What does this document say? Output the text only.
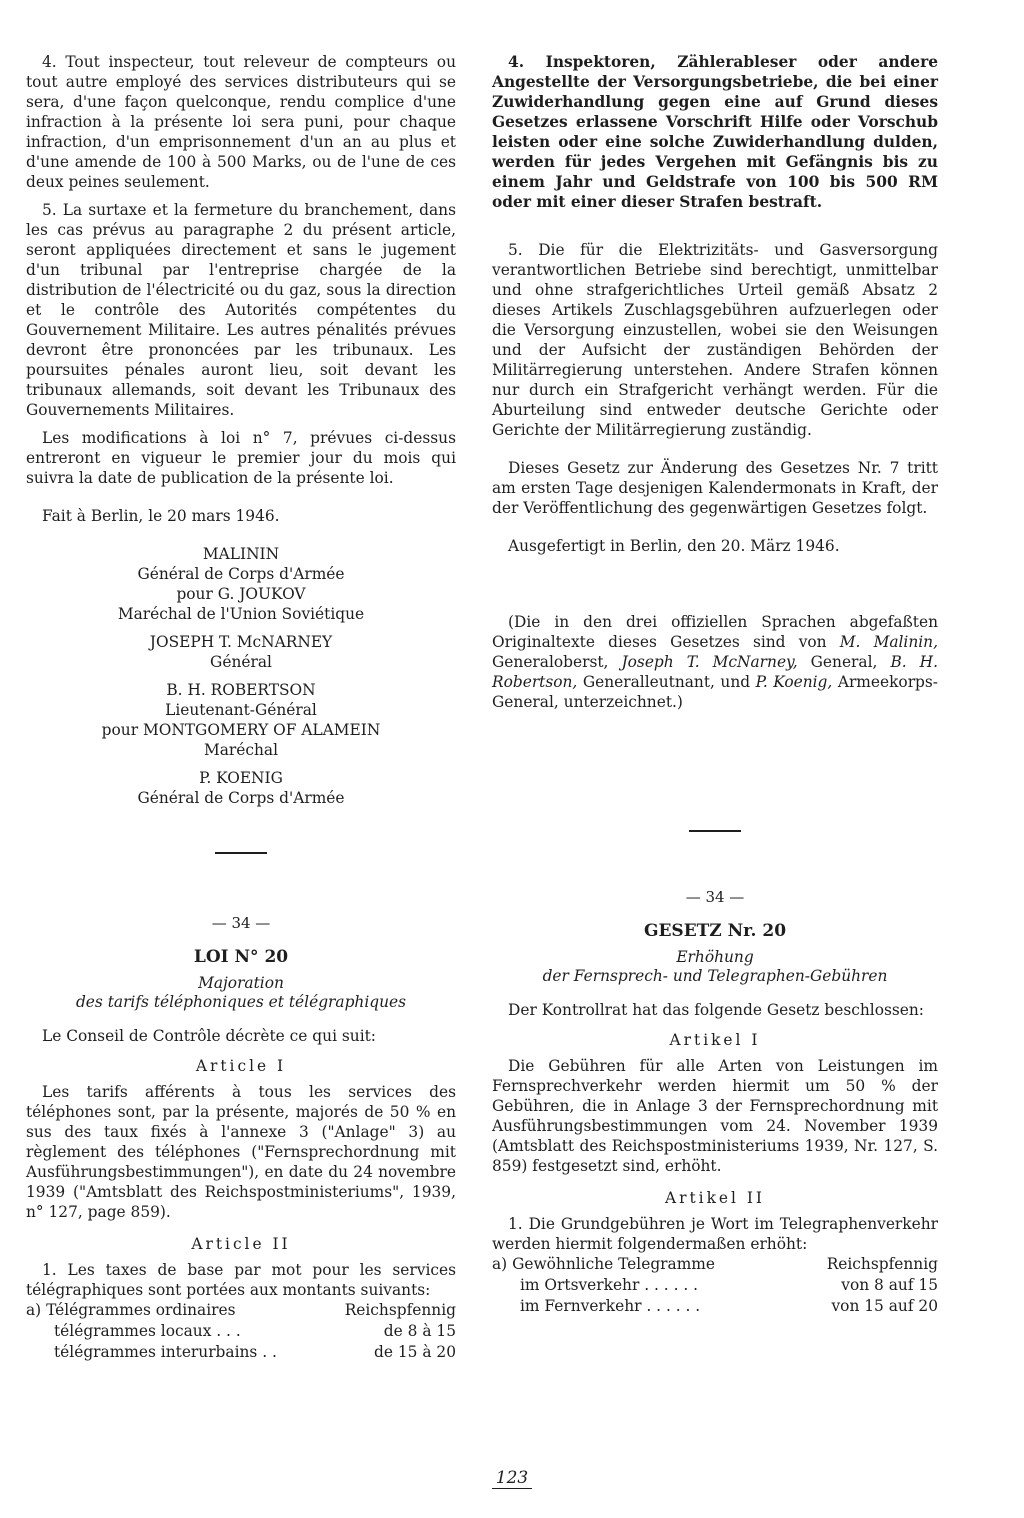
4. Tout inspecteur, tout releveur de compteurs ou tout autre employé des services distributeurs qui se sera, d'une façon quelconque, rendu complice d'une infraction à la présente loi sera puni, pour chaque infraction, d'un emprisonnement d'un an au plus et d'une amende de 100 à 500 Marks, ou de l'une de ces deux peines seulement.

5. La surtaxe et la fermeture du branchement, dans les cas prévus au paragraphe 2 du présent article, seront appliquées directement et sans le jugement d'un tribunal par l'entreprise chargée de la distribution de l'électricité ou du gaz, sous la direction et le contrôle des Autorités compétentes du Gouvernement Militaire. Les autres pénalités prévues devront être prononcées par les tribunaux. Les poursuites pénales auront lieu, soit devant les tribunaux allemands, soit devant les Tribunaux des Gouvernements Militaires.

Les modifications à loi n° 7, prévues ci-dessus entreront en vigueur le premier jour du mois qui suivra la date de publication de la présente loi.

Fait à Berlin, le 20 mars 1946.

MALININ
Général de Corps d'Armée
pour G. JOUKOV
Maréchal de l'Union Soviétique
JOSEPH T. McNARNEY
Général
B. H. ROBERTSON
Lieutenant-Général
pour MONTGOMERY OF ALAMEIN
Maréchal
P. KOENIG
Général de Corps d'Armée
— 34 —
LOI N° 20
Majoration
des tarifs téléphoniques et télégraphiques

Le Conseil de Contrôle décrète ce qui suit:

Article I

Les tarifs afférents à tous les services des téléphones sont, par la présente, majorés de 50 % en sus des taux fixés à l'annexe 3 ("Anlage" 3) au règlement des téléphones ("Fernsprechordnung mit Ausführungsbestimmungen"), en date du 24 novembre 1939 ("Amtsblatt des Reichspostministeriums", 1939, n° 127, page 859).

Article II

1. Les taxes de base par mot pour les services télégraphiques sont portées aux montants suivants:

a) Télégrammes ordinaires	Reichspfennig
télégrammes locaux . . .	de 8 à 15
télégrammes interurbains . .	de 15 à 20

4. Inspektoren, Zählerableser oder andere Angestellte der Versorgungsbetriebe, die bei einer Zuwiderhandlung gegen eine auf Grund dieses Gesetzes erlassene Vorschrift Hilfe oder Vorschub leisten oder eine solche Zuwiderhandlung dulden, werden für jedes Vergehen mit Gefängnis bis zu einem Jahr und Geldstrafe von 100 bis 500 RM oder mit einer dieser Strafen bestraft.

5. Die für die Elektrizitäts- und Gasversorgung verantwortlichen Betriebe sind berechtigt, unmittelbar und ohne strafgerichtliches Urteil gemäß Absatz 2 dieses Artikels Zuschlagsgebühren aufzuerlegen oder die Versorgung einzustellen, wobei sie den Weisungen und der Aufsicht der zuständigen Behörden der Militärregierung unterstehen. Andere Strafen können nur durch ein Strafgericht verhängt werden. Für die Aburteilung sind entweder deutsche Gerichte oder Gerichte der Militärregierung zuständig.

Dieses Gesetz zur Änderung des Gesetzes Nr. 7 tritt am ersten Tage desjenigen Kalendermonats in Kraft, der der Veröffentlichung des gegenwärtigen Gesetzes folgt.

Ausgefertigt in Berlin, den 20. März 1946.

(Die in den drei offiziellen Sprachen abgefaßten Originaltexte dieses Gesetzes sind von M. Malinin, Generaloberst, Joseph T. McNarney, General, B. H. Robertson, Generalleutnant, und P. Koenig, Armeekorps-General, unterzeichnet.)

— 34 —
GESETZ Nr. 20
Erhöhung
der Fernsprech- und Telegraphen-Gebühren

Der Kontrollrat hat das folgende Gesetz beschlossen:

Artikel I

Die Gebühren für alle Arten von Leistungen im Fernsprechverkehr werden hiermit um 50 % der Gebühren, die in Anlage 3 der Fernsprechordnung mit Ausführungsbestimmungen vom 24. November 1939 (Amtsblatt des Reichspostministeriums 1939, Nr. 127, S. 859) festgesetzt sind, erhöht.

Artikel II

1. Die Grundgebühren je Wort im Telegraphenverkehr werden hiermit folgendermaßen erhöht:

a) Gewöhnliche Telegramme	Reichspfennig
im Ortsverkehr . . . . . .	von 8 auf 15
im Fernverkehr . . . . . .	von 15 auf 20
123
